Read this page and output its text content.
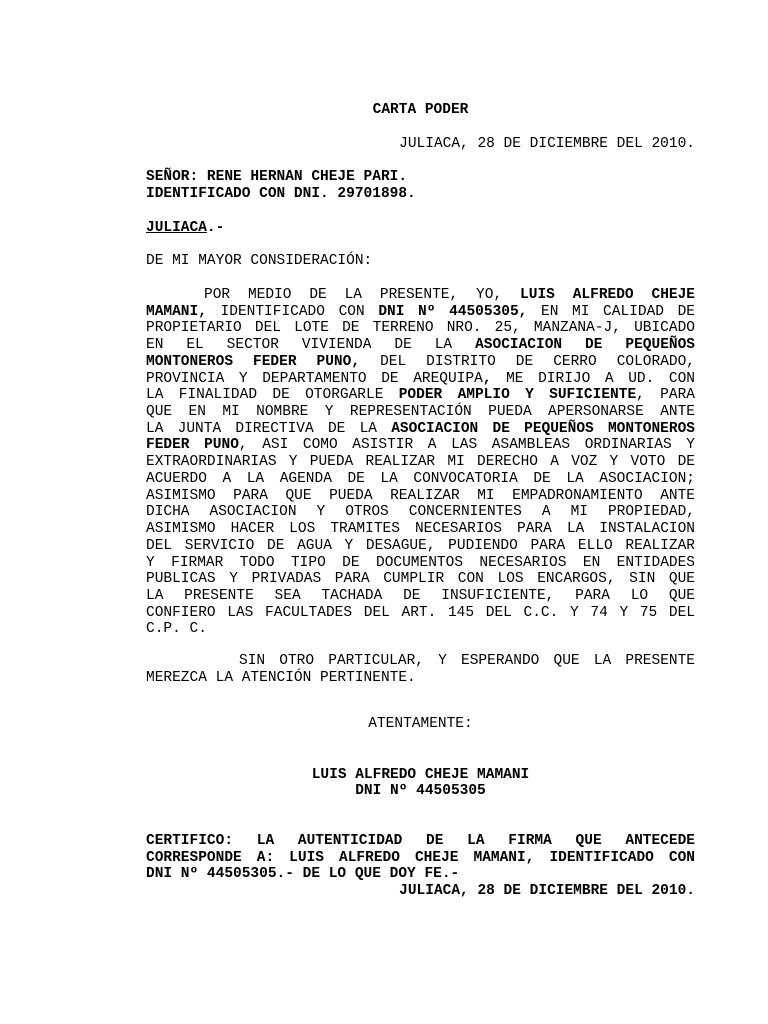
CARTA PODER
JULIACA, 28 DE DICIEMBRE DEL 2010.
SEÑOR: RENE HERNAN CHEJE PARI.
IDENTIFICADO CON DNI. 29701898.
JULIACA.-
DE MI MAYOR CONSIDERACIÓN:
POR MEDIO DE LA PRESENTE, YO, LUIS ALFREDO CHEJE
MAMANI, IDENTIFICADO CON DNI Nº 44505305, EN MI CALIDAD DE
PROPIETARIO DEL LOTE DE TERRENO NRO. 25, MANZANA-J, UBICADO
EN EL SECTOR VIVIENDA DE LA ASOCIACION DE PEQUEÑOS
MONTONEROS FEDER PUNO, DEL DISTRITO DE CERRO COLORADO,
PROVINCIA Y DEPARTAMENTO DE AREQUIPA, ME DIRIJO A UD. CON
LA FINALIDAD DE OTORGARLE PODER AMPLIO Y SUFICIENTE, PARA
QUE EN MI NOMBRE Y REPRESENTACIÓN PUEDA APERSONARSE ANTE
LA JUNTA DIRECTIVA DE LA ASOCIACION DE PEQUEÑOS MONTONEROS
FEDER PUNO, ASI COMO ASISTIR A LAS ASAMBLEAS ORDINARIAS Y
EXTRAORDINARIAS Y PUEDA REALIZAR MI DERECHO A VOZ Y VOTO DE
ACUERDO A LA AGENDA DE LA CONVOCATORIA DE LA ASOCIACION;
ASIMISMO PARA QUE PUEDA REALIZAR MI EMPADRONAMIENTO ANTE
DICHA ASOCIACION Y OTROS CONCERNIENTES A MI PROPIEDAD,
ASIMISMO HACER LOS TRAMITES NECESARIOS PARA LA INSTALACION
DEL SERVICIO DE AGUA Y DESAGUE, PUDIENDO PARA ELLO REALIZAR
Y FIRMAR TODO TIPO DE DOCUMENTOS NECESARIOS EN ENTIDADES
PUBLICAS Y PRIVADAS PARA CUMPLIR CON LOS ENCARGOS, SIN QUE
LA PRESENTE SEA TACHADA DE INSUFICIENTE, PARA LO QUE
CONFIERO LAS FACULTADES DEL ART. 145 DEL C.C. Y 74 Y 75 DEL
C.P. C.
SIN OTRO PARTICULAR, Y ESPERANDO QUE LA PRESENTE
MEREZCA LA ATENCIÓN PERTINENTE.
ATENTAMENTE:
LUIS ALFREDO CHEJE MAMANI
DNI Nº 44505305
CERTIFICO: LA AUTENTICIDAD DE LA FIRMA QUE ANTECEDE
CORRESPONDE A: LUIS ALFREDO CHEJE MAMANI, IDENTIFICADO CON
DNI Nº 44505305.- DE LO QUE DOY FE.-
JULIACA, 28 DE DICIEMBRE DEL 2010.
